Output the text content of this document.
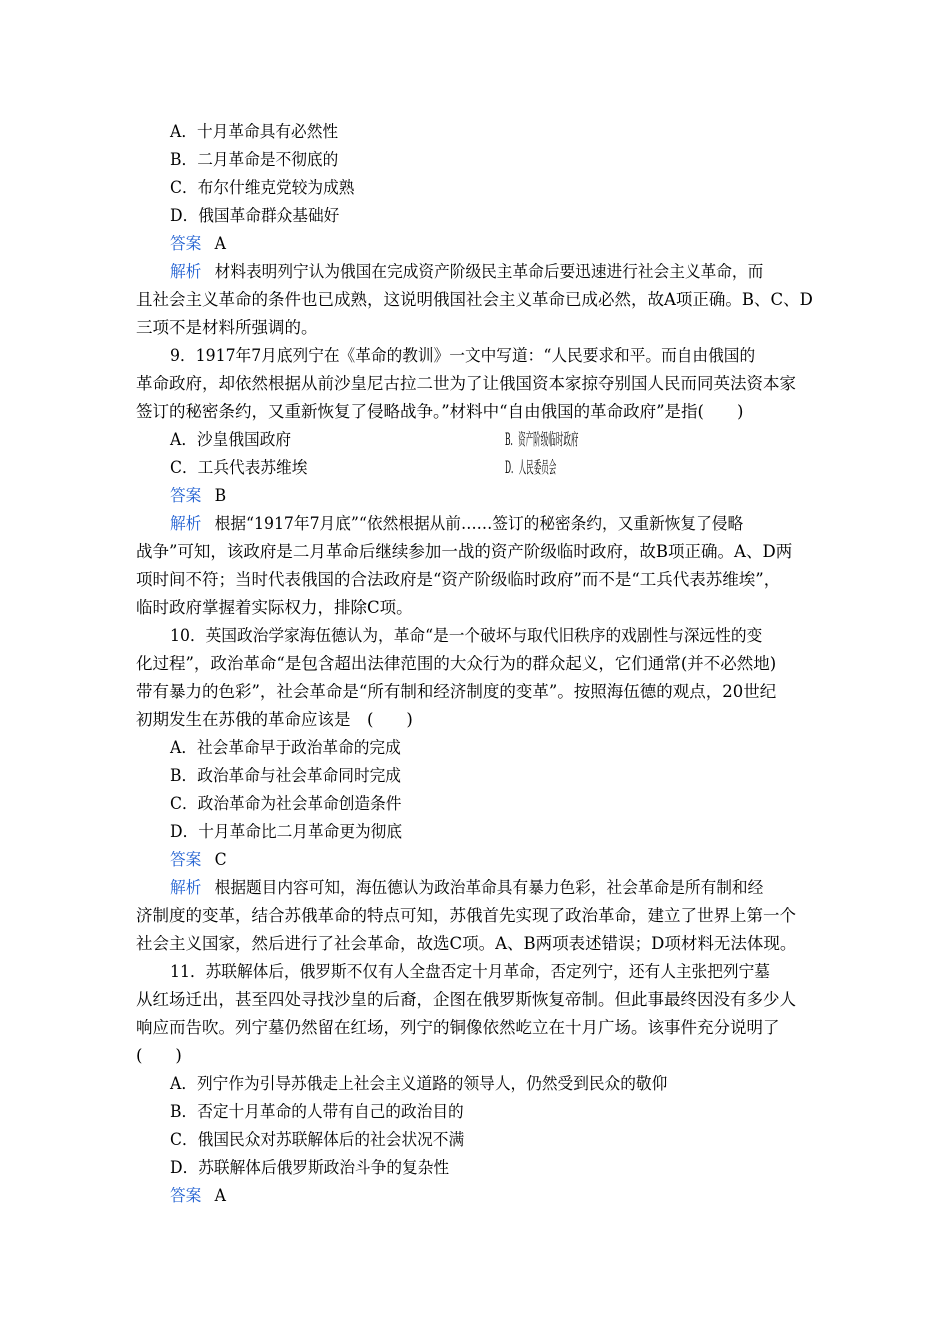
A．十月革命具有必然性
B．二月革命是不彻底的
C．布尔什维克党较为成熟
D．俄国革命群众基础好
答案 A
解析 材料表明列宁认为俄国在完成资产阶级民主革命后要迅速进行社会主义革命，而
且社会主义革命的条件也已成熟，这说明俄国社会主义革命已成必然，故A项正确。B、C、D
三项不是材料所强调的。
9．1917年7月底列宁在《革命的教训》一文中写道：“人民要求和平。而自由俄国的
革命政府，却依然根据从前沙皇尼古拉二世为了让俄国资本家掠夺别国人民而同英法资本家
签订的秘密条约，又重新恢复了侵略战争。”材料中“自由俄国的革命政府”是指(　　)
A．沙皇俄国政府	B．资产阶级临时政府
C．工兵代表苏维埃	D．人民委员会
答案 B
解析 根据“1917年7月底”“依然根据从前……签订的秘密条约，又重新恢复了侵略
战争”可知，该政府是二月革命后继续参加一战的资产阶级临时政府，故B项正确。A、D两
项时间不符；当时代表俄国的合法政府是“资产阶级临时政府”而不是“工兵代表苏维埃”，
临时政府掌握着实际权力，排除C项。
10．英国政治学家海伍德认为，革命“是一个破坏与取代旧秩序的戏剧性与深远性的变
化过程”，政治革命“是包含超出法律范围的大众行为的群众起义，它们通常(并不必然地)
带有暴力的色彩”，社会革命是“所有制和经济制度的变革”。按照海伍德的观点，20世纪
初期发生在苏俄的革命应该是　(　　)
A．社会革命早于政治革命的完成
B．政治革命与社会革命同时完成
C．政治革命为社会革命创造条件
D．十月革命比二月革命更为彻底
答案 C
解析 根据题目内容可知，海伍德认为政治革命具有暴力色彩，社会革命是所有制和经
济制度的变革，结合苏俄革命的特点可知，苏俄首先实现了政治革命，建立了世界上第一个
社会主义国家，然后进行了社会革命，故选C项。A、B两项表述错误；D项材料无法体现。
11．苏联解体后，俄罗斯不仅有人全盘否定十月革命，否定列宁，还有人主张把列宁墓
从红场迁出，甚至四处寻找沙皇的后裔，企图在俄罗斯恢复帝制。但此事最终因没有多少人
响应而告吹。列宁墓仍然留在红场，列宁的铜像依然屹立在十月广场。该事件充分说明了
(　　)
A．列宁作为引导苏俄走上社会主义道路的领导人，仍然受到民众的敬仰
B．否定十月革命的人带有自己的政治目的
C．俄国民众对苏联解体后的社会状况不满
D．苏联解体后俄罗斯政治斗争的复杂性
答案 A
